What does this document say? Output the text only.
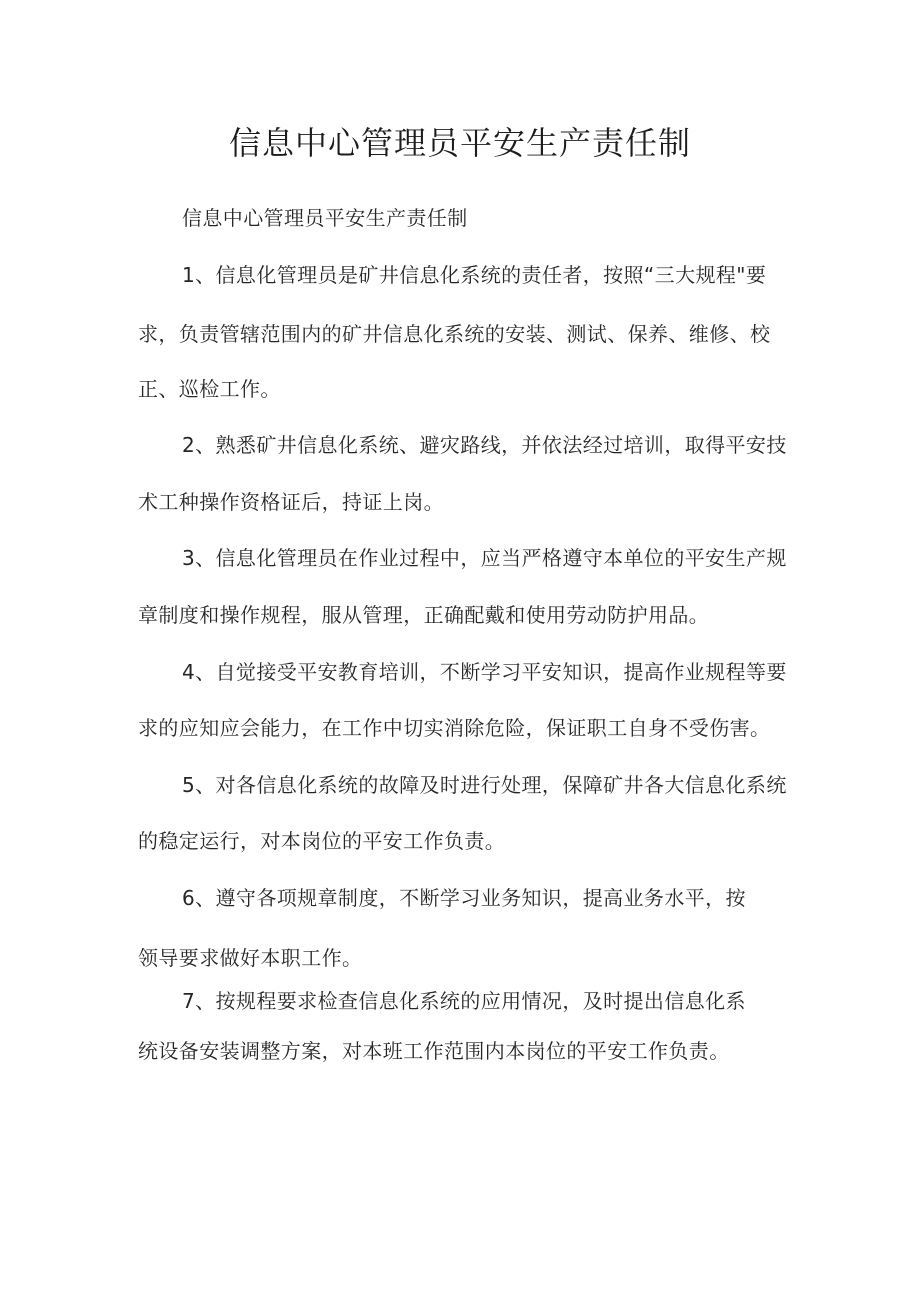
信息中心管理员平安生产责任制
信息中心管理员平安生产责任制
1、信息化管理员是矿井信息化系统的责任者，按照“三大规程"要
求，负责管辖范围内的矿井信息化系统的安装、测试、保养、维修、校
正、巡检工作。
2、熟悉矿井信息化系统、避灾路线，并依法经过培训，取得平安技
术工种操作资格证后，持证上岗。
3、信息化管理员在作业过程中，应当严格遵守本单位的平安生产规
章制度和操作规程，服从管理，正确配戴和使用劳动防护用品。
4、自觉接受平安教育培训，不断学习平安知识，提高作业规程等要
求的应知应会能力，在工作中切实消除危险，保证职工自身不受伤害。
5、对各信息化系统的故障及时进行处理，保障矿井各大信息化系统
的稳定运行，对本岗位的平安工作负责。
6、遵守各项规章制度，不断学习业务知识，提高业务水平，按
领导要求做好本职工作。
7、按规程要求检查信息化系统的应用情况，及时提出信息化系
统设备安装调整方案，对本班工作范围内本岗位的平安工作负责。
